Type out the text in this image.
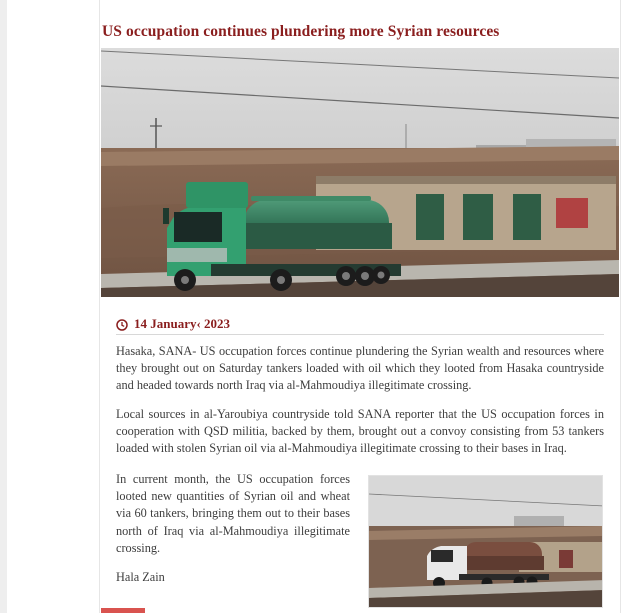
US occupation continues plundering more Syrian resources
14 January‹ 2023

Hasaka, SANA- US occupation forces continue plundering the Syrian wealth and resources where they brought out on Saturday tankers loaded with oil which they looted from Hasaka countryside and headed towards north Iraq via al-Mahmoudiya illegitimate crossing.

Local sources in al-Yaroubiya countryside told SANA reporter that the US occupation forces in cooperation with QSD militia, backed by them, brought out a convoy consisting from 53 tankers loaded with stolen Syrian oil via al-Mahmoudiya illegitimate crossing to their bases in Iraq.

In current month, the US occupation forces looted new quantities of Syrian oil and wheat via 60 tankers, bringing them out to their bases north of Iraq via al-Mahmoudiya illegitimate crossing.

Hala Zain
